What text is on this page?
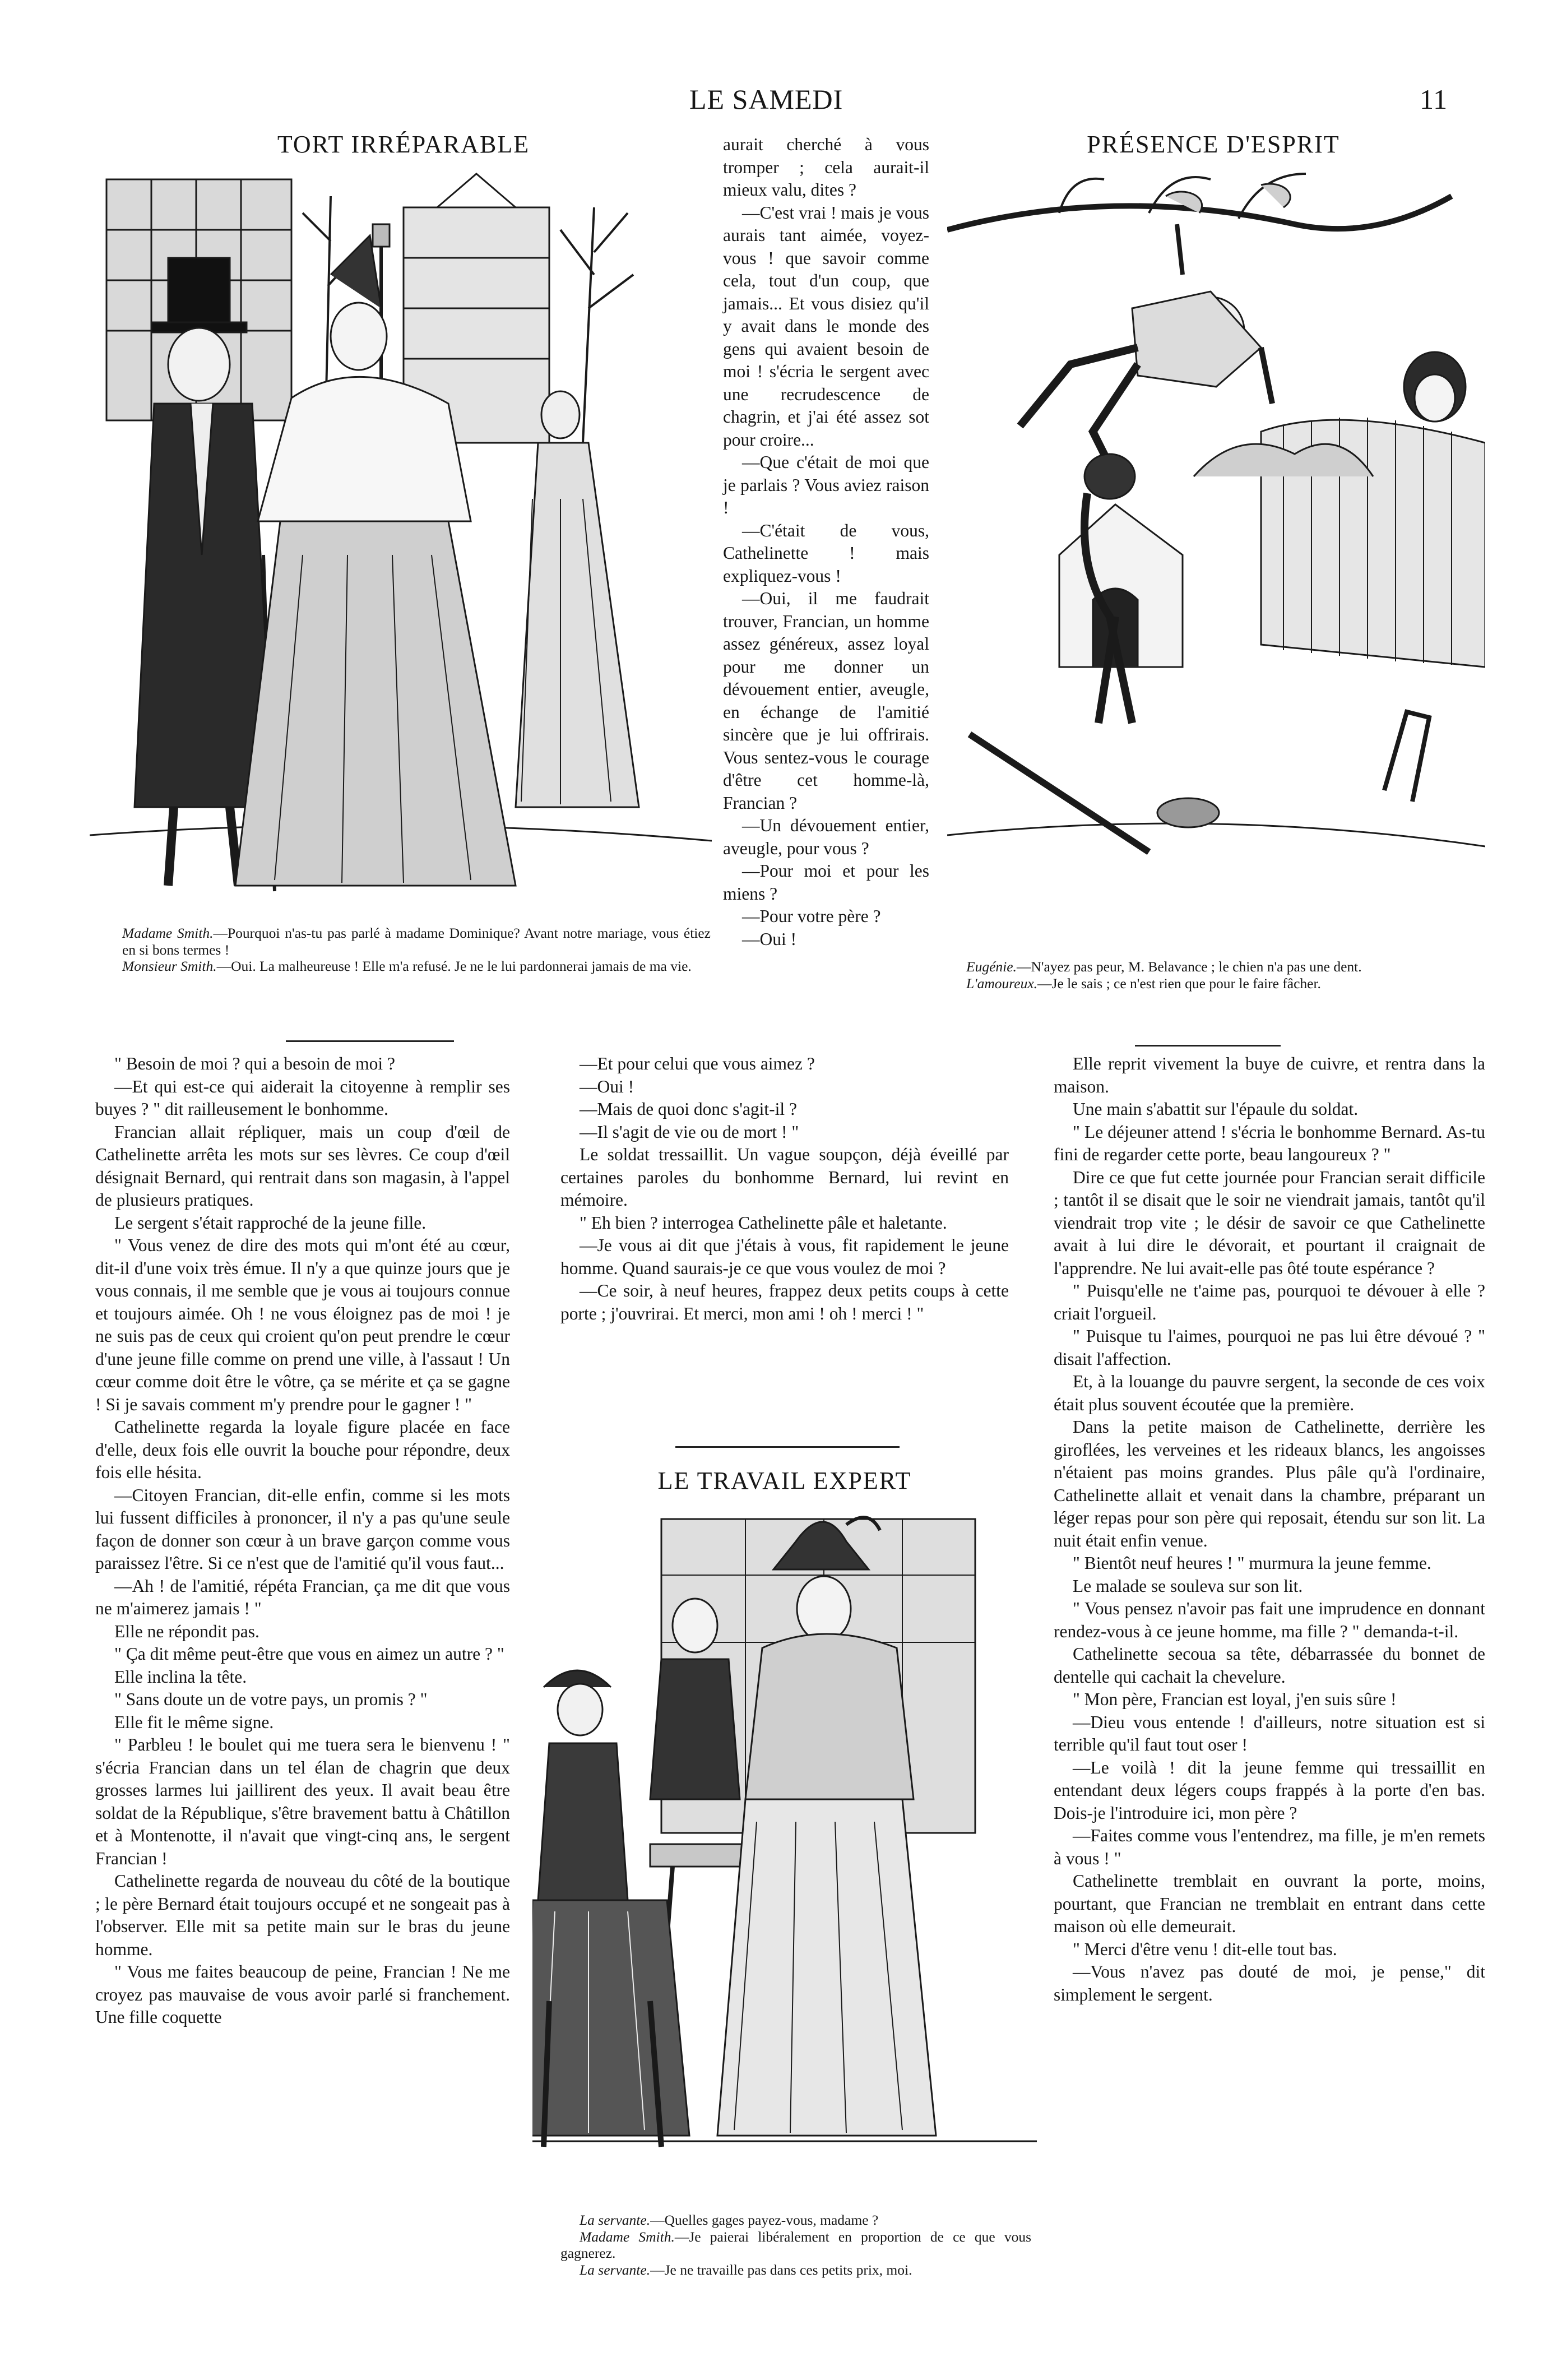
LE SAMEDI	11
TORT IRRÉPARABLE

Madame Smith.—Pourquoi n'as-tu pas parlé à madame Dominique? Avant notre mariage, vous étiez en si bons termes !

Monsieur Smith.—Oui. La malheureuse ! Elle m'a refusé. Je ne le lui pardonnerai jamais de ma vie.

aurait cherché à vous tromper ; cela aurait-il mieux valu, dites ?

—C'est vrai ! mais je vous aurais tant aimée, voyez-vous ! que savoir comme cela, tout d'un coup, que jamais... Et vous disiez qu'il y avait dans le monde des gens qui avaient besoin de moi ! s'écria le sergent avec une recrudescence de chagrin, et j'ai été assez sot pour croire...

—Que c'était de moi que je parlais ? Vous aviez raison !

—C'était de vous, Cathelinette ! mais expliquez-vous !

—Oui, il me faudrait trouver, Francian, un homme assez généreux, assez loyal pour me donner un dévouement entier, aveugle, en échange de l'amitié sincère que je lui offrirais. Vous sentez-vous le courage d'être cet homme-là, Francian ?

—Un dévouement entier, aveugle, pour vous ?

—Pour moi et pour les miens ?

—Pour votre père ?

—Oui !

PRÉSENCE D'ESPRIT

Eugénie.—N'ayez pas peur, M. Belavance ; le chien n'a pas une dent.

L'amoureux.—Je le sais ; ce n'est rien que pour le faire fâcher.

" Besoin de moi ? qui a besoin de moi ?

—Et qui est-ce qui aiderait la citoyenne à remplir ses buyes ? " dit railleusement le bonhomme.

Francian allait répliquer, mais un coup d'œil de Cathelinette arrêta les mots sur ses lèvres. Ce coup d'œil désignait Bernard, qui rentrait dans son magasin, à l'appel de plusieurs pratiques.

Le sergent s'était rapproché de la jeune fille.

" Vous venez de dire des mots qui m'ont été au cœur, dit-il d'une voix très émue. Il n'y a que quinze jours que je vous connais, il me semble que je vous ai toujours connue et toujours aimée. Oh ! ne vous éloignez pas de moi ! je ne suis pas de ceux qui croient qu'on peut prendre le cœur d'une jeune fille comme on prend une ville, à l'assaut ! Un cœur comme doit être le vôtre, ça se mérite et ça se gagne ! Si je savais comment m'y prendre pour le gagner ! "

Cathelinette regarda la loyale figure placée en face d'elle, deux fois elle ouvrit la bouche pour répondre, deux fois elle hésita.

—Citoyen Francian, dit-elle enfin, comme si les mots lui fussent difficiles à prononcer, il n'y a pas qu'une seule façon de donner son cœur à un brave garçon comme vous paraissez l'être. Si ce n'est que de l'amitié qu'il vous faut...

—Ah ! de l'amitié, répéta Francian, ça me dit que vous ne m'aimerez jamais ! "

Elle ne répondit pas.

" Ça dit même peut-être que vous en aimez un autre ? "

Elle inclina la tête.

" Sans doute un de votre pays, un promis ? "

Elle fit le même signe.

" Parbleu ! le boulet qui me tuera sera le bienvenu ! " s'écria Francian dans un tel élan de chagrin que deux grosses larmes lui jaillirent des yeux. Il avait beau être soldat de la République, s'être bravement battu à Châtillon et à Montenotte, il n'avait que vingt-cinq ans, le sergent Francian !

Cathelinette regarda de nouveau du côté de la boutique ; le père Bernard était toujours occupé et ne songeait pas à l'observer. Elle mit sa petite main sur le bras du jeune homme.

" Vous me faites beaucoup de peine, Francian ! Ne me croyez pas mauvaise de vous avoir parlé si franchement. Une fille coquette

—Et pour celui que vous aimez ?

—Oui !

—Mais de quoi donc s'agit-il ?

—Il s'agit de vie ou de mort ! "

Le soldat tressaillit. Un vague soupçon, déjà éveillé par certaines paroles du bonhomme Bernard, lui revint en mémoire.

" Eh bien ? interrogea Cathelinette pâle et haletante.

—Je vous ai dit que j'étais à vous, fit rapidement le jeune homme. Quand saurais-je ce que vous voulez de moi ?

—Ce soir, à neuf heures, frappez deux petits coups à cette porte ; j'ouvrirai. Et merci, mon ami ! oh ! merci ! "

LE TRAVAIL EXPERT

La servante.—Quelles gages payez-vous, madame ?

Madame Smith.—Je paierai libéralement en proportion de ce que vous gagnerez.

La servante.—Je ne travaille pas dans ces petits prix, moi.

Elle reprit vivement la buye de cuivre, et rentra dans la maison.

Une main s'abattit sur l'épaule du soldat.

" Le déjeuner attend ! s'écria le bonhomme Bernard. As-tu fini de regarder cette porte, beau langoureux ? "

Dire ce que fut cette journée pour Francian serait difficile ; tantôt il se disait que le soir ne viendrait jamais, tantôt qu'il viendrait trop vite ; le désir de savoir ce que Cathelinette avait à lui dire le dévorait, et pourtant il craignait de l'apprendre. Ne lui avait-elle pas ôté toute espérance ?

" Puisqu'elle ne t'aime pas, pourquoi te dévouer à elle ? criait l'orgueil.

" Puisque tu l'aimes, pourquoi ne pas lui être dévoué ? " disait l'affection.

Et, à la louange du pauvre sergent, la seconde de ces voix était plus souvent écoutée que la première.

Dans la petite maison de Cathelinette, derrière les giroflées, les verveines et les rideaux blancs, les angoisses n'étaient pas moins grandes. Plus pâle qu'à l'ordinaire, Cathelinette allait et venait dans la chambre, préparant un léger repas pour son père qui reposait, étendu sur son lit. La nuit était enfin venue.

" Bientôt neuf heures ! " murmura la jeune femme.

Le malade se souleva sur son lit.

" Vous pensez n'avoir pas fait une imprudence en donnant rendez-vous à ce jeune homme, ma fille ? " demanda-t-il.

Cathelinette secoua sa tête, débarrassée du bonnet de dentelle qui cachait la chevelure.

" Mon père, Francian est loyal, j'en suis sûre !

—Dieu vous entende ! d'ailleurs, notre situation est si terrible qu'il faut tout oser !

—Le voilà ! dit la jeune femme qui tressaillit en entendant deux légers coups frappés à la porte d'en bas. Dois-je l'introduire ici, mon père ?

—Faites comme vous l'entendrez, ma fille, je m'en remets à vous ! "

Cathelinette tremblait en ouvrant la porte, moins, pourtant, que Francian ne tremblait en entrant dans cette maison où elle demeurait.

" Merci d'être venu ! dit-elle tout bas.

—Vous n'avez pas douté de moi, je pense," dit simplement le sergent.
